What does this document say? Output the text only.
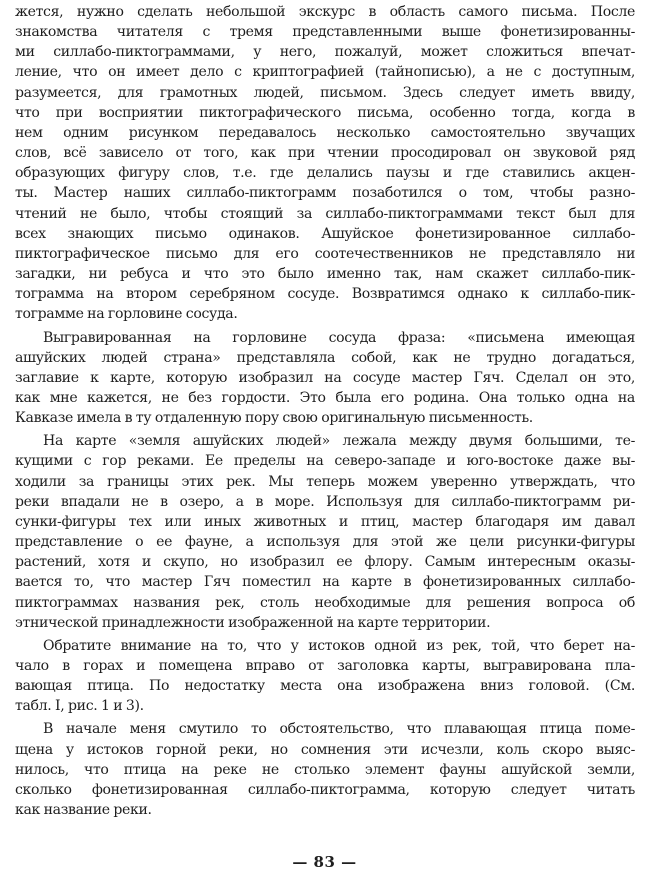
жется, нужно сделать небольшой экскурс в область самого письма. После
знакомства читателя с тремя представленными выше фонетизированны-
ми силлабо-пиктограммами, у него, пожалуй, может сложиться впечат-
ление, что он имеет дело с криптографией (тайнописью), а не с доступным,
разумеется, для грамотных людей, письмом. Здесь следует иметь ввиду,
что при восприятии пиктографического письма, особенно тогда, когда в
нем одним рисунком передавалось несколько самостоятельно звучащих
слов, всё зависело от того, как при чтении просодировал он звуковой ряд
образующих фигуру слов, т.е. где делались паузы и где ставились акцен-
ты. Мастер наших силлабо-пиктограмм позаботился о том, чтобы разно-
чтений не было, чтобы стоящий за силлабо-пиктограммами текст был для
всех знающих письмо одинаков. Ашуйское фонетизированное силлабо-
пиктографическое письмо для его соотечественников не представляло ни
загадки, ни ребуса и что это было именно так, нам скажет силлабо-пик-
тограмма на втором серебряном сосуде. Возвратимся однако к силлабо-пик-
тограмме на горловине сосуда.
Выгравированная на горловине сосуда фраза: «письмена имеющая
ашуйских людей страна» представляла собой, как не трудно догадаться,
заглавие к карте, которую изобразил на сосуде мастер Гяч. Сделал он это,
как мне кажется, не без гордости. Это была его родина. Она только одна на
Кавказе имела в ту отдаленную пору свою оригинальную письменность.
На карте «земля ашуйских людей» лежала между двумя большими, те-
кущими с гор реками. Ее пределы на северо-западе и юго-востоке даже вы-
ходили за границы этих рек. Мы теперь можем уверенно утверждать, что
реки впадали не в озеро, а в море. Используя для силлабо-пиктограмм ри-
сунки-фигуры тех или иных животных и птиц, мастер благодаря им давал
представление о ее фауне, а используя для этой же цели рисунки-фигуры
растений, хотя и скупо, но изобразил ее флору. Самым интересным оказы-
вается то, что мастер Гяч поместил на карте в фонетизированных силлабо-
пиктограммах названия рек, столь необходимые для решения вопроса об
этнической принадлежности изображенной на карте территории.
Обратите внимание на то, что у истоков одной из рек, той, что берет на-
чало в горах и помещена вправо от заголовка карты, выгравирована пла-
вающая птица. По недостатку места она изображена вниз головой. (См.
табл. I, рис. 1 и 3).
В начале меня смутило то обстоятельство, что плавающая птица поме-
щена у истоков горной реки, но сомнения эти исчезли, коль скоро выяс-
нилось, что птица на реке не столько элемент фауны ашуйской земли,
сколько фонетизированная силлабо-пиктограмма, которую следует читать
как название реки.
— 83 —
